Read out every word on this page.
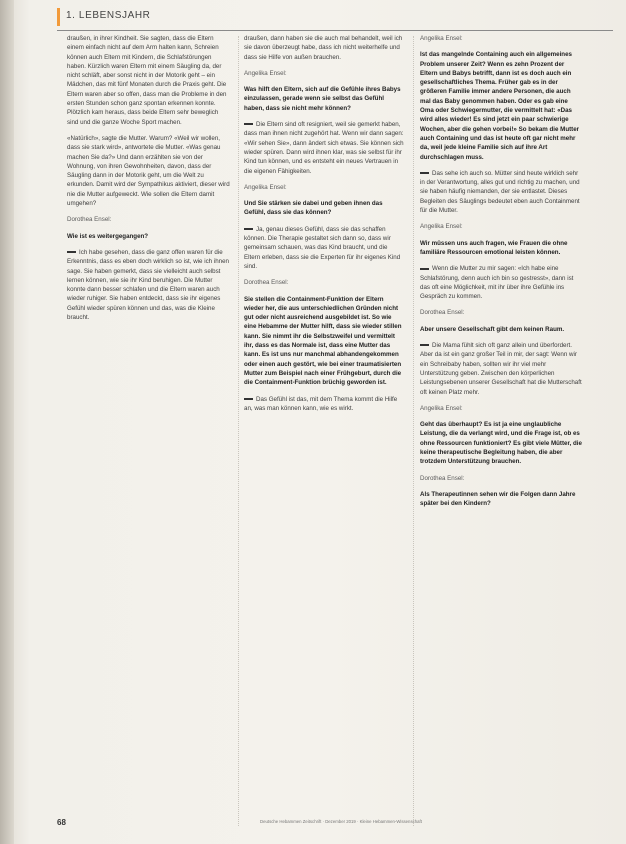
1. LEBENSJAHR

draußen, in ihrer Kindheit. Sie sagten, dass die Eltern einem einfach nicht auf dem Arm halten kann, Schreien können auch Eltern mit Kindern, die Schlafstörungen haben. Kürzlich waren Eltern mit einem Säugling da, der nicht schläft, aber sonst nicht in der Motorik geht – ein Mädchen, das mit fünf Monaten durch die Praxis geht. Die Eltern waren aber so offen, dass man die Probleme in den ersten Stunden schon ganz spontan erkennen konnte. Plötzlich kam heraus, dass beide Eltern sehr beweglich sind und die ganze Woche Sport machen.

«Natürlich», sagte die Mutter. Warum? «Weil wir wollen, dass sie stark wird», antwortete die Mutter. «Was genau machen Sie da?» Und dann erzählten sie von der Wohnung, von ihren Gewohnheiten, davon, dass der Säugling dann in der Motorik geht, um die Welt zu erkunden. Damit wird der Sympathikus aktiviert, dieser wird nie die Mutter aufgeweckt. Wie sollen die Eltern damit umgehen?

Dorothea Ensel:

Wie ist es weitergegangen?

Ich habe gesehen, dass die ganz offen waren für die Erkenntnis, dass es eben doch wirklich so ist, wie ich ihnen sage. Sie haben gemerkt, dass sie vielleicht auch selbst lernen können, wie sie ihr Kind beruhigen. Die Mutter konnte dann besser schlafen und die Eltern waren auch wieder ruhiger. Sie haben entdeckt, dass sie ihr eigenes Gefühl wieder spüren können und das, was die Kleine braucht.

draußen, dann haben sie die auch mal behandelt, weil ich sie davon überzeugt habe, dass ich nicht weiterhelfe und dass sie Hilfe von außen brauchen.

Angelika Ensel:

Was hilft den Eltern, sich auf die Gefühle ihres Babys einzulassen, gerade wenn sie selbst das Gefühl haben, dass sie nicht mehr können?

Die Eltern sind oft resigniert, weil sie gemerkt haben, dass man ihnen nicht zugehört hat. Wenn wir dann sagen: «Wir sehen Sie», dann ändert sich etwas. Sie können sich wieder spüren. Dann wird ihnen klar, was sie selbst für ihr Kind tun können, und es entsteht ein neues Vertrauen in die eigenen Fähigkeiten.

Angelika Ensel:

Und Sie stärken sie dabei und geben ihnen das Gefühl, dass sie das können?

Ja, genau dieses Gefühl, dass sie das schaffen können. Die Therapie gestaltet sich dann so, dass wir gemeinsam schauen, was das Kind braucht, und die Eltern erleben, dass sie die Experten für ihr eigenes Kind sind.

Dorothea Ensel:

Sie stellen die Containment-Funktion der Eltern wieder her, die aus unterschiedlichen Gründen nicht gut oder nicht ausreichend ausgebildet ist. So wie eine Hebamme der Mutter hilft, dass sie wieder stillen kann. Sie nimmt ihr die Selbstzweifel und vermittelt ihr, dass es das Normale ist, dass eine Mutter das kann. Es ist uns nur manchmal abhandengekommen oder einen auch gestört, wie bei einer traumatisierten Mutter zum Beispiel nach einer Frühgeburt, durch die die Containment-Funktion brüchig geworden ist.

Das Gefühl ist das, mit dem Thema kommt die Hilfe an, was man können kann, wie es wirkt.

Angelika Ensel:

Ist das mangelnde Containing auch ein allgemeines Problem unserer Zeit? Wenn es zehn Prozent der Eltern und Babys betrifft, dann ist es doch auch ein gesellschaftliches Thema. Früher gab es in der größeren Familie immer andere Personen, die auch mal das Baby genommen haben. Oder es gab eine Oma oder Schwiegermutter, die vermittelt hat: «Das wird alles wieder! Es sind jetzt ein paar schwierige Wochen, aber die gehen vorbei!» So bekam die Mutter auch Containing und das ist heute oft gar nicht mehr da, weil jede kleine Familie sich auf ihre Art durchschlagen muss.

Das sehe ich auch so. Mütter sind heute wirklich sehr in der Verantwortung, alles gut und richtig zu machen, und sie haben häufig niemanden, der sie entlastet. Dieses Begleiten des Säuglings bedeutet eben auch Containment für die Mutter.

Angelika Ensel:

Wir müssen uns auch fragen, wie Frauen die ohne familiäre Ressourcen emotional leisten können.

Wenn die Mutter zu mir sagen: «Ich habe eine Schlafstörung, denn auch ich bin so gestresst», dann ist das oft eine Möglichkeit, mit ihr über ihre Gefühle ins Gespräch zu kommen.

Dorothea Ensel:

Aber unsere Gesellschaft gibt dem keinen Raum.

Die Mama fühlt sich oft ganz allein und überfordert. Aber da ist ein ganz großer Teil in mir, der sagt: Wenn wir ein Schreibaby haben, sollten wir ihr viel mehr Unterstützung geben. Zwischen den körperlichen Leistungsebenen unserer Gesellschaft hat die Mutterschaft oft keinen Platz mehr.

Angelika Ensel:

Geht das überhaupt? Es ist ja eine unglaubliche Leistung, die da verlangt wird, und die Frage ist, ob es ohne Ressourcen funktioniert? Es gibt viele Mütter, die keine therapeutische Begleitung haben, die aber trotzdem Unterstützung brauchen.

Dorothea Ensel:

Als Therapeutinnen sehen wir die Folgen dann Jahre später bei den Kindern?

68	Deutsche Hebammen Zeitschrift · Dezember 2019 · Kleine Hebammen-Wissenschaft
